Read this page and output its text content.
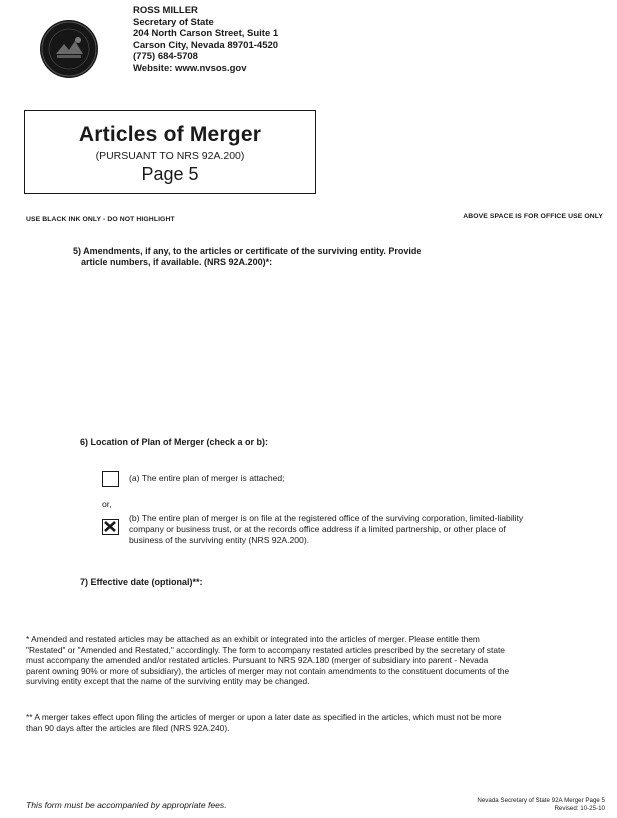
ROSS MILLER
Secretary of State
204 North Carson Street, Suite 1
Carson City, Nevada 89701-4520
(775) 684-5708
Website: www.nvsos.gov
Articles of Merger
(PURSUANT TO NRS 92A.200)
Page 5
USE BLACK INK ONLY - DO NOT HIGHLIGHT	ABOVE SPACE IS FOR OFFICE USE ONLY
5) Amendments, if any, to the articles or certificate of the surviving entity. Provide
article numbers, if available. (NRS 92A.200)*:
6) Location of Plan of Merger (check a or b):
(a) The entire plan of merger is attached;
or,
(b) The entire plan of merger is on file at the registered office of the surviving corporation, limited-liability
company or business trust, or at the records office address if a limited partnership, or other place of
business of the surviving entity (NRS 92A.200).
7) Effective date (optional)**:
* Amended and restated articles may be attached as an exhibit or integrated into the articles of merger. Please entitle them
"Restated" or "Amended and Restated," accordingly. The form to accompany restated articles prescribed by the secretary of state
must accompany the amended and/or restated articles. Pursuant to NRS 92A.180 (merger of subsidiary into parent - Nevada
parent owning 90% or more of subsidiary), the articles of merger may not contain amendments to the constituent documents of the
surviving entity except that the name of the surviving entity may be changed.
** A merger takes effect upon filing the articles of merger or upon a later date as specified in the articles, which must not be more
than 90 days after the articles are filed (NRS 92A.240).
This form must be accompanied by appropriate fees.	Nevada Secretary of State 92A Merger Page 5
Revised: 10-25-10
